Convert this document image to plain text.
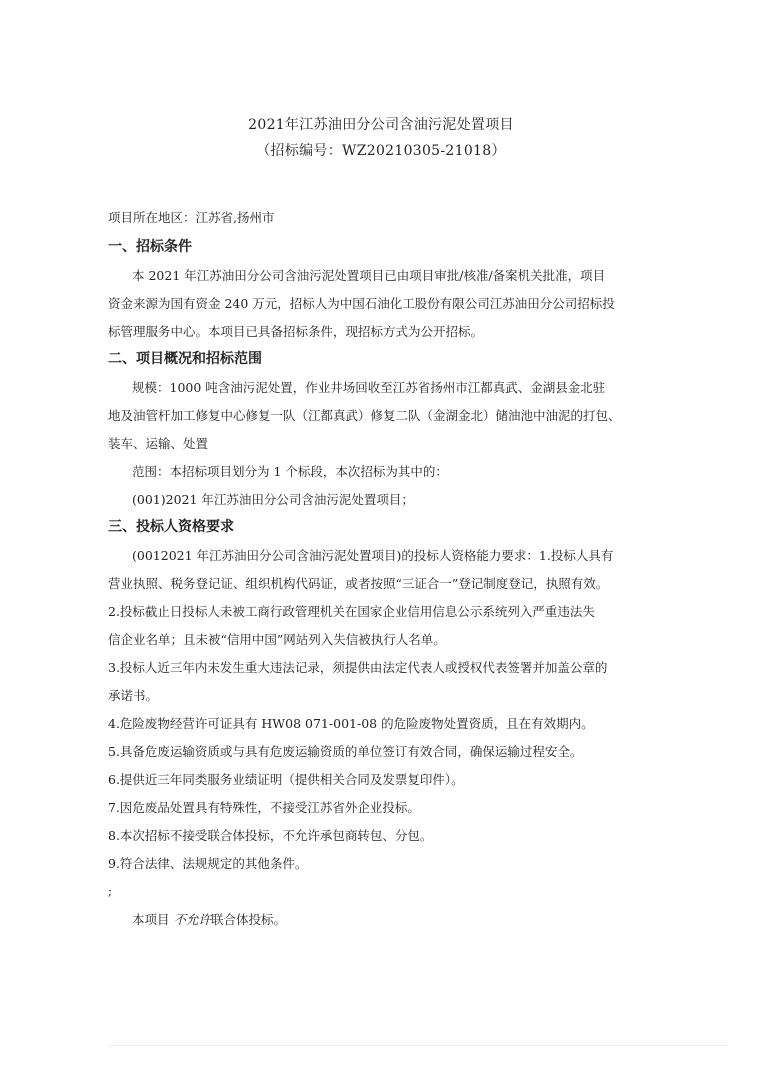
2021年江苏油田分公司含油污泥处置项目
（招标编号：WZ20210305-21018）
项目所在地区：江苏省,扬州市
一、招标条件
本 2021 年江苏油田分公司含油污泥处置项目已由项目审批/核准/备案机关批准，项目
资金来源为国有资金 240 万元，招标人为中国石油化工股份有限公司江苏油田分公司招标投
标管理服务中心。本项目已具备招标条件，现招标方式为公开招标。
二、项目概况和招标范围
规模：1000 吨含油污泥处置，作业井场回收至江苏省扬州市江都真武、金湖县金北驻
地及油管杆加工修复中心修复一队（江都真武）修复二队（金湖金北）储油池中油泥的打包、
装车、运输、处置
范围：本招标项目划分为 1 个标段，本次招标为其中的：
(001)2021 年江苏油田分公司含油污泥处置项目；
三、投标人资格要求
(0012021 年江苏油田分公司含油污泥处置项目)的投标人资格能力要求：1.投标人具有
营业执照、税务登记证、组织机构代码证，或者按照“三证合一”登记制度登记，执照有效。
2.投标截止日投标人未被工商行政管理机关在国家企业信用信息公示系统列入严重违法失
信企业名单；且未被“信用中国”网站列入失信被执行人名单。
3.投标人近三年内未发生重大违法记录，须提供由法定代表人或授权代表签署并加盖公章的
承诺书。
4.危险废物经营许可证具有 HW08 071-001-08 的危险废物处置资质，且在有效期内。
5.具备危废运输资质或与具有危废运输资质的单位签订有效合同，确保运输过程安全。
6.提供近三年同类服务业绩证明（提供相关合同及发票复印件）。
7.因危废品处置具有特殊性，不接受江苏省外企业投标。
8.本次招标不接受联合体投标，不允许承包商转包、分包。
9.符合法律、法规规定的其他条件。
;
本项目 不允许联合体投标。
